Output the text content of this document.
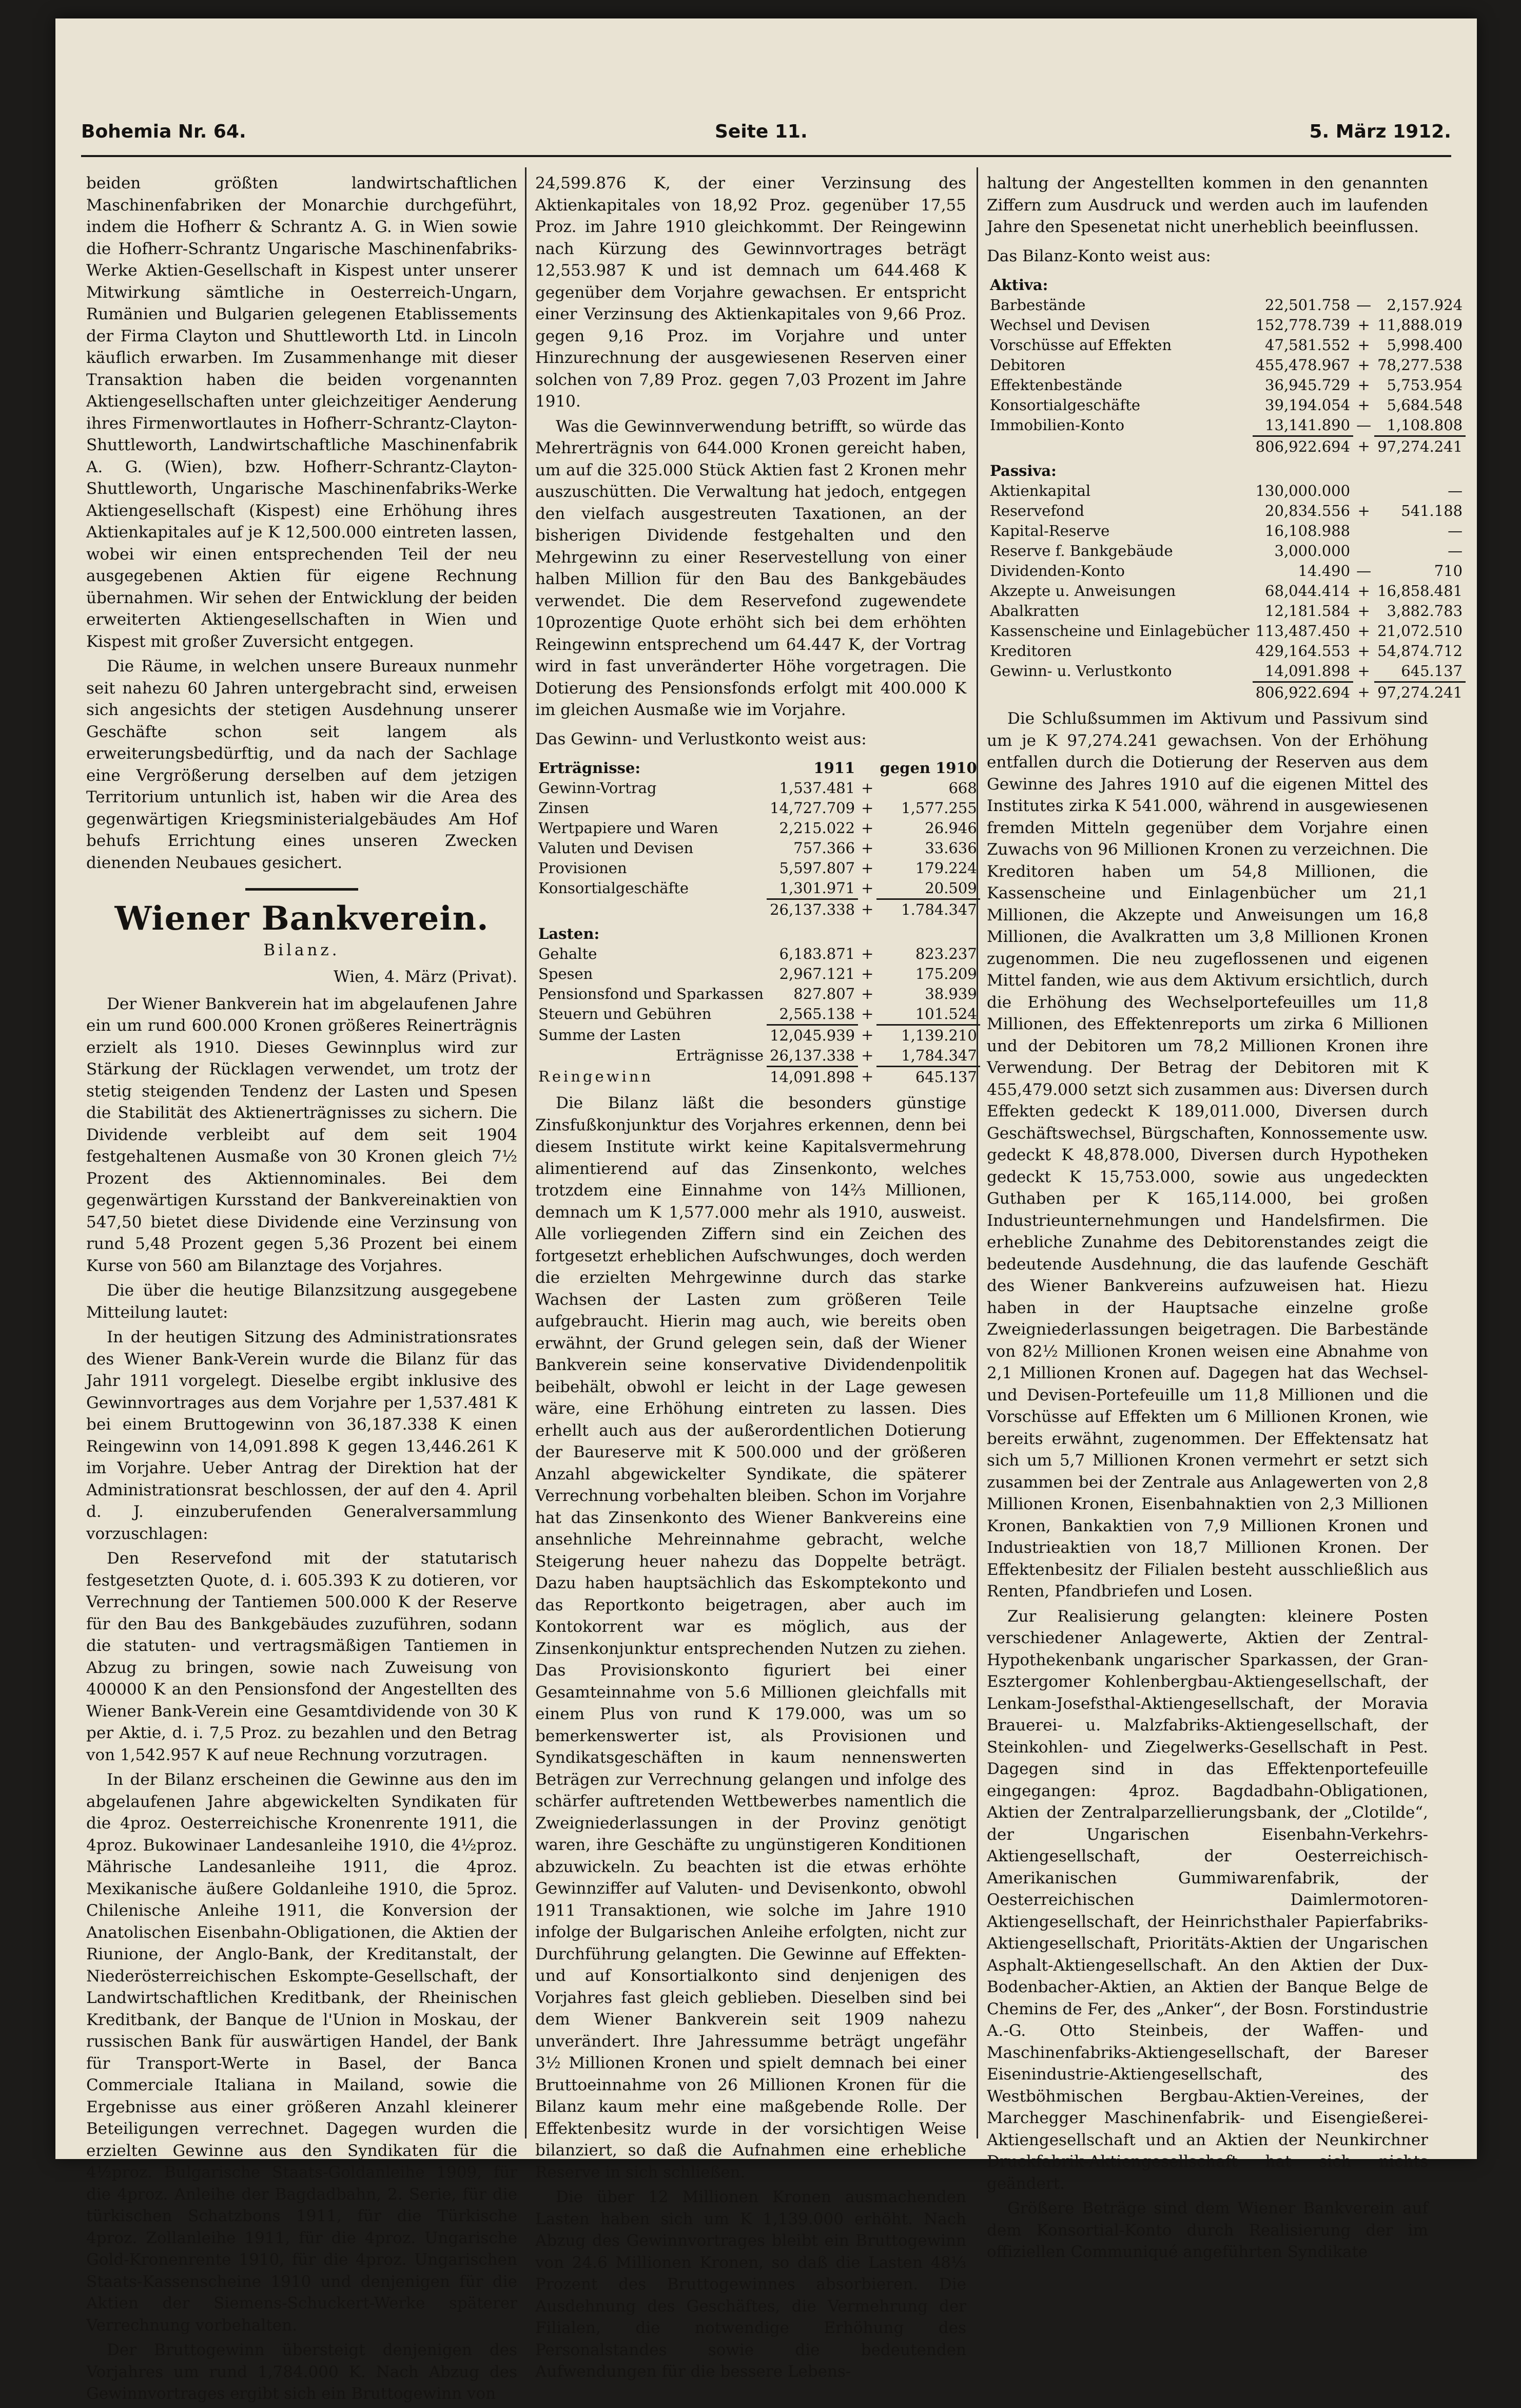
Bohemia Nr. 64.	Seite 11.	5. März 1912.

beiden größten landwirtschaftlichen Maschinenfabriken der Monarchie durchgeführt, indem die Hofherr & Schrantz A. G. in Wien sowie die Hofherr-Schrantz Ungarische Maschinenfabriks-Werke Aktien-Gesellschaft in Kispest unter unserer Mitwirkung sämtliche in Oesterreich-Ungarn, Rumänien und Bulgarien gelegenen Etablissements der Firma Clayton und Shuttleworth Ltd. in Lincoln käuflich erwarben. Im Zusammenhange mit dieser Transaktion haben die beiden vorgenannten Aktiengesellschaften unter gleichzeitiger Aenderung ihres Firmenwortlautes in Hofherr-Schrantz-Clayton-Shuttleworth, Landwirtschaftliche Maschinenfabrik A. G. (Wien), bzw. Hofherr-Schrantz-Clayton-Shuttleworth, Ungarische Maschinenfabriks-Werke Aktiengesellschaft (Kispest) eine Erhöhung ihres Aktienkapitales auf je K 12,500.000 eintreten lassen, wobei wir einen entsprechenden Teil der neu ausgegebenen Aktien für eigene Rechnung übernahmen. Wir sehen der Entwicklung der beiden erweiterten Aktiengesellschaften in Wien und Kispest mit großer Zuversicht entgegen.

Die Räume, in welchen unsere Bureaux nunmehr seit nahezu 60 Jahren untergebracht sind, erweisen sich angesichts der stetigen Ausdehnung unserer Geschäfte schon seit langem als erweiterungsbedürftig, und da nach der Sachlage eine Vergrößerung derselben auf dem jetzigen Territorium untunlich ist, haben wir die Area des gegenwärtigen Kriegsministerialgebäudes Am Hof behufs Errichtung eines unseren Zwecken dienenden Neubaues gesichert.

Wiener Bankverein.

Bilanz.

Wien, 4. März (Privat).

Der Wiener Bankverein hat im abgelaufenen Jahre ein um rund 600.000 Kronen größeres Reinerträgnis erzielt als 1910. Dieses Gewinnplus wird zur Stärkung der Rücklagen verwendet, um trotz der stetig steigenden Tendenz der Lasten und Spesen die Stabilität des Aktienerträgnisses zu sichern. Die Dividende verbleibt auf dem seit 1904 festgehaltenen Ausmaße von 30 Kronen gleich 7½ Prozent des Aktiennominales. Bei dem gegenwärtigen Kursstand der Bankvereinaktien von 547,50 bietet diese Dividende eine Verzinsung von rund 5,48 Prozent gegen 5,36 Prozent bei einem Kurse von 560 am Bilanztage des Vorjahres.

Die über die heutige Bilanzsitzung ausgegebene Mitteilung lautet:

In der heutigen Sitzung des Administrationsrates des Wiener Bank-Verein wurde die Bilanz für das Jahr 1911 vorgelegt. Dieselbe ergibt inklusive des Gewinnvortrages aus dem Vorjahre per 1,537.481 K bei einem Bruttogewinn von 36,187.338 K einen Reingewinn von 14,091.898 K gegen 13,446.261 K im Vorjahre. Ueber Antrag der Direktion hat der Administrationsrat beschlossen, der auf den 4. April d. J. einzuberufenden Generalversammlung vorzuschlagen:

Den Reservefond mit der statutarisch festgesetzten Quote, d. i. 605.393 K zu dotieren, vor Verrechnung der Tantiemen 500.000 K der Reserve für den Bau des Bankgebäudes zuzuführen, sodann die statuten- und vertragsmäßigen Tantiemen in Abzug zu bringen, sowie nach Zuweisung von 400000 K an den Pensionsfond der Angestellten des Wiener Bank-Verein eine Gesamtdividende von 30 K per Aktie, d. i. 7,5 Proz. zu bezahlen und den Betrag von 1,542.957 K auf neue Rechnung vorzutragen.

In der Bilanz erscheinen die Gewinne aus den im abgelaufenen Jahre abgewickelten Syndikaten für die 4proz. Oesterreichische Kronenrente 1911, die 4proz. Bukowinaer Landesanleihe 1910, die 4½proz. Mährische Landesanleihe 1911, die 4proz. Mexikanische äußere Goldanleihe 1910, die 5proz. Chilenische Anleihe 1911, die Konversion der Anatolischen Eisenbahn-Obligationen, die Aktien der Riunione, der Anglo-Bank, der Kreditanstalt, der Niederösterreichischen Eskompte-Gesellschaft, der Landwirtschaftlichen Kreditbank, der Rheinischen Kreditbank, der Banque de l'Union in Moskau, der russischen Bank für auswärtigen Handel, der Bank für Transport-Werte in Basel, der Banca Commerciale Italiana in Mailand, sowie die Ergebnisse aus einer größeren Anzahl kleinerer Beteiligungen verrechnet. Dagegen wurden die erzielten Gewinne aus den Syndikaten für die 4½proz. Bulgarische Staats-Goldanleihe 1909, für die 4proz. Anleihe der Bagdadbahn, 2. Serie, für die türkischen Schatzbons 1911, für die Türkische 4proz. Zollanleihe 1911, für die 4proz. Ungarische Gold-Kronenrente 1910, für die 4proz. Ungarischen Staats-Kassenscheine 1910 und denjenigen für die Aktien der Siemens-Schuckert-Werke späterer Verrechnung vorbehalten.

Der Bruttogewinn übersteigt denjenigen des Vorjahres um rund 1,784.000 K. Nach Abzug des Gewinnvortrages ergibt sich ein Bruttogewinn von

24,599.876 K, der einer Verzinsung des Aktienkapitales von 18,92 Proz. gegenüber 17,55 Proz. im Jahre 1910 gleichkommt. Der Reingewinn nach Kürzung des Gewinnvortrages beträgt 12,553.987 K und ist demnach um 644.468 K gegenüber dem Vorjahre gewachsen. Er entspricht einer Verzinsung des Aktienkapitales von 9,66 Proz. gegen 9,16 Proz. im Vorjahre und unter Hinzurechnung der ausgewiesenen Reserven einer solchen von 7,89 Proz. gegen 7,03 Prozent im Jahre 1910.

Was die Gewinnverwendung betrifft, so würde das Mehrerträgnis von 644.000 Kronen gereicht haben, um auf die 325.000 Stück Aktien fast 2 Kronen mehr auszuschütten. Die Verwaltung hat jedoch, entgegen den vielfach ausgestreuten Taxationen, an der bisherigen Dividende festgehalten und den Mehrgewinn zu einer Reservestellung von einer halben Million für den Bau des Bankgebäudes verwendet. Die dem Reservefond zugewendete 10prozentige Quote erhöht sich bei dem erhöhten Reingewinn entsprechend um 64.447 K, der Vortrag wird in fast unveränderter Höhe vorgetragen. Die Dotierung des Pensionsfonds erfolgt mit 400.000 K im gleichen Ausmaße wie im Vorjahre.

Das Gewinn- und Verlustkonto weist aus:

Erträgnisse:	1911		gegen 1910
Gewinn-Vortrag	1,537.481	+	668
Zinsen	14,727.709	+	1,577.255
Wertpapiere und Waren	2,215.022	+	26.946
Valuten und Devisen	757.366	+	33.636
Provisionen	5,597.807	+	179.224
Konsortialgeschäfte	1,301.971	+	20.509
	26,137.338	+	1.784.347
Lasten:			
Gehalte	6,183.871	+	823.237
Spesen	2,967.121	+	175.209
Pensionsfond und Sparkassen	827.807	+	38.939
Steuern und Gebühren	2,565.138	+	101.524
Summe der Lasten	12,045.939	+	1,139.210
Erträgnisse	26,137.338	+	1,784.347
Reingewinn	14,091.898	+	645.137

Die Bilanz läßt die besonders günstige Zinsfußkonjunktur des Vorjahres erkennen, denn bei diesem Institute wirkt keine Kapitalsvermehrung alimentierend auf das Zinsenkonto, welches trotzdem eine Einnahme von 14⅔ Millionen, demnach um K 1,577.000 mehr als 1910, ausweist. Alle vorliegenden Ziffern sind ein Zeichen des fortgesetzt erheblichen Aufschwunges, doch werden die erzielten Mehrgewinne durch das starke Wachsen der Lasten zum größeren Teile aufgebraucht. Hierin mag auch, wie bereits oben erwähnt, der Grund gelegen sein, daß der Wiener Bankverein seine konservative Dividendenpolitik beibehält, obwohl er leicht in der Lage gewesen wäre, eine Erhöhung eintreten zu lassen. Dies erhellt auch aus der außerordentlichen Dotierung der Baureserve mit K 500.000 und der größeren Anzahl abgewickelter Syndikate, die späterer Verrechnung vorbehalten bleiben. Schon im Vorjahre hat das Zinsenkonto des Wiener Bankvereins eine ansehnliche Mehreinnahme gebracht, welche Steigerung heuer nahezu das Doppelte beträgt. Dazu haben hauptsächlich das Eskomptekonto und das Reportkonto beigetragen, aber auch im Kontokorrent war es möglich, aus der Zinsenkonjunktur entsprechenden Nutzen zu ziehen. Das Provisionskonto figuriert bei einer Gesamteinnahme von 5.6 Millionen gleichfalls mit einem Plus von rund K 179.000, was um so bemerkenswerter ist, als Provisionen und Syndikatsgeschäften in kaum nennenswerten Beträgen zur Verrechnung gelangen und infolge des schärfer auftretenden Wettbewerbes namentlich die Zweigniederlassungen in der Provinz genötigt waren, ihre Geschäfte zu ungünstigeren Konditionen abzuwickeln. Zu beachten ist die etwas erhöhte Gewinnziffer auf Valuten- und Devisenkonto, obwohl 1911 Transaktionen, wie solche im Jahre 1910 infolge der Bulgarischen Anleihe erfolgten, nicht zur Durchführung gelangten. Die Gewinne auf Effekten- und auf Konsortialkonto sind denjenigen des Vorjahres fast gleich geblieben. Dieselben sind bei dem Wiener Bankverein seit 1909 nahezu unverändert. Ihre Jahressumme beträgt ungefähr 3½ Millionen Kronen und spielt demnach bei einer Bruttoeinnahme von 26 Millionen Kronen für die Bilanz kaum mehr eine maßgebende Rolle. Der Effektenbesitz wurde in der vorsichtigen Weise bilanziert, so daß die Aufnahmen eine erhebliche Reserve in sich schließen.

Die über 12 Millionen Kronen ausmachenden Lasten haben sich um K 1,139.000 erhöht. Nach Abzug des Gewinnvortrages bleibt ein Bruttogewinn von 24.6 Millionen Kronen, so daß die Lasten 48⅓ Prozent des Bruttogewinnes absorbieren. Die Ausdehnung des Geschäftes, die Vermehrung der Filialen, die notwendige Erhöhung des Personalstandes sowie die bedeutenden Aufwendungen für die bessere Lebens-

haltung der Angestellten kommen in den genannten Ziffern zum Ausdruck und werden auch im laufenden Jahre den Spesenetat nicht unerheblich beeinflussen.

Das Bilanz-Konto weist aus:

Aktiva:			
Barbestände	22,501.758	—	2,157.924
Wechsel und Devisen	152,778.739	+	11,888.019
Vorschüsse auf Effekten	47,581.552	+	5,998.400
Debitoren	455,478.967	+	78,277.538
Effektenbestände	36,945.729	+	5,753.954
Konsortialgeschäfte	39,194.054	+	5,684.548
Immobilien-Konto	13,141.890	—	1,108.808
	806,922.694	+	97,274.241
Passiva:			
Aktienkapital	130,000.000		—
Reservefond	20,834.556	+	541.188
Kapital-Reserve	16,108.988		—
Reserve f. Bankgebäude	3,000.000		—
Dividenden-Konto	14.490	—	710
Akzepte u. Anweisungen	68,044.414	+	16,858.481
Abalkratten	12,181.584	+	3,882.783
Kassenscheine und Einlagebücher	113,487.450	+	21,072.510
Kreditoren	429,164.553	+	54,874.712
Gewinn- u. Verlustkonto	14,091.898	+	645.137
	806,922.694	+	97,274.241

Die Schlußsummen im Aktivum und Passivum sind um je K 97,274.241 gewachsen. Von der Erhöhung entfallen durch die Dotierung der Reserven aus dem Gewinne des Jahres 1910 auf die eigenen Mittel des Institutes zirka K 541.000, während in ausgewiesenen fremden Mitteln gegenüber dem Vorjahre einen Zuwachs von 96 Millionen Kronen zu verzeichnen. Die Kreditoren haben um 54,8 Millionen, die Kassenscheine und Einlagenbücher um 21,1 Millionen, die Akzepte und Anweisungen um 16,8 Millionen, die Avalkratten um 3,8 Millionen Kronen zugenommen. Die neu zugeflossenen und eigenen Mittel fanden, wie aus dem Aktivum ersichtlich, durch die Erhöhung des Wechselportefeuilles um 11,8 Millionen, des Effektenreports um zirka 6 Millionen und der Debitoren um 78,2 Millionen Kronen ihre Verwendung. Der Betrag der Debitoren mit K 455,479.000 setzt sich zusammen aus: Diversen durch Effekten gedeckt K 189,011.000, Diversen durch Geschäftswechsel, Bürgschaften, Konnossemente usw. gedeckt K 48,878.000, Diversen durch Hypotheken gedeckt K 15,753.000, sowie aus ungedeckten Guthaben per K 165,114.000, bei großen Industrieunternehmungen und Handelsfirmen. Die erhebliche Zunahme des Debitorenstandes zeigt die bedeutende Ausdehnung, die das laufende Geschäft des Wiener Bankvereins aufzuweisen hat. Hiezu haben in der Hauptsache einzelne große Zweigniederlassungen beigetragen. Die Barbestände von 82½ Millionen Kronen weisen eine Abnahme von 2,1 Millionen Kronen auf. Dagegen hat das Wechsel- und Devisen-Portefeuille um 11,8 Millionen und die Vorschüsse auf Effekten um 6 Millionen Kronen, wie bereits erwähnt, zugenommen. Der Effektensatz hat sich um 5,7 Millionen Kronen vermehrt er setzt sich zusammen bei der Zentrale aus Anlagewerten von 2,8 Millionen Kronen, Eisenbahnaktien von 2,3 Millionen Kronen, Bankaktien von 7,9 Millionen Kronen und Industrieaktien von 18,7 Millionen Kronen. Der Effektenbesitz der Filialen besteht ausschließlich aus Renten, Pfandbriefen und Losen.

Zur Realisierung gelangten: kleinere Posten verschiedener Anlagewerte, Aktien der Zentral-Hypothekenbank ungarischer Sparkassen, der Gran-Esztergomer Kohlenbergbau-Aktiengesellschaft, der Lenkam-Josefsthal-Aktiengesellschaft, der Moravia Brauerei- u. Malzfabriks-Aktiengesellschaft, der Steinkohlen- und Ziegelwerks-Gesellschaft in Pest. Dagegen sind in das Effektenportefeuille eingegangen: 4proz. Bagdadbahn-Obligationen, Aktien der Zentralparzellierungsbank, der „Clotilde“, der Ungarischen Eisenbahn-Verkehrs-Aktiengesellschaft, der Oesterreichisch-Amerikanischen Gummiwarenfabrik, der Oesterreichischen Daimlermotoren-Aktiengesellschaft, der Heinrichsthaler Papierfabriks-Aktiengesellschaft, Prioritäts-Aktien der Ungarischen Asphalt-Aktiengesellschaft. An den Aktien der Dux-Bodenbacher-Aktien, an Aktien der Banque Belge de Chemins de Fer, des „Anker“, der Bosn. Forstindustrie A.-G. Otto Steinbeis, der Waffen- und Maschinenfabriks-Aktiengesellschaft, der Bareser Eisenindustrie-Aktiengesellschaft, des Westböhmischen Bergbau-Aktien-Vereines, der Marchegger Maschinenfabrik- und Eisengießerei-Aktiengesellschaft und an Aktien der Neunkirchner Druckfabrik-Aktiengesellschaft hat sich nichts geändert.

Größere Beträge sind dem Wiener Bankverein auf dem Konsortial-Konto durch Realisierung der im offiziellen Communiqué angeführten Syndikate
